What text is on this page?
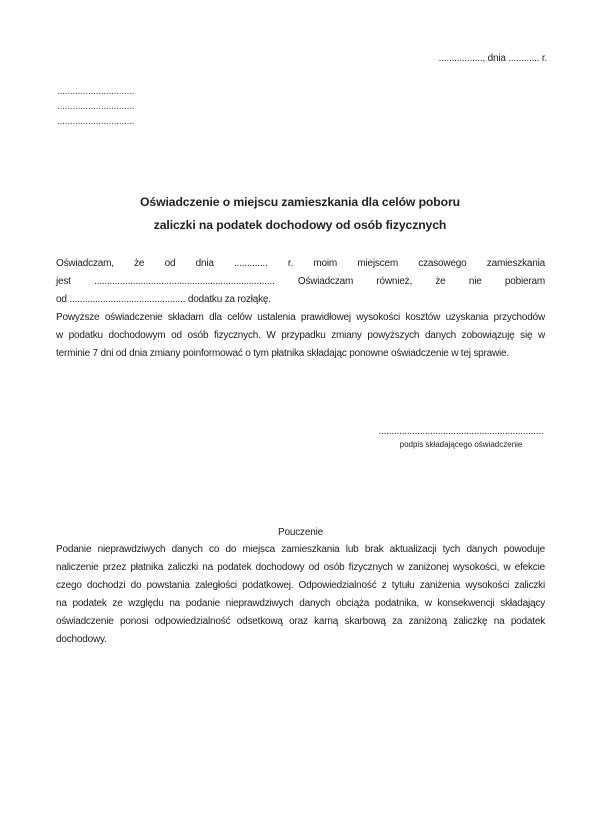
................., dnia ............ r.
..............................
..............................
..............................
Oświadczenie o miejscu zamieszkania dla celów poboru
zaliczki na podatek dochodowy od osób fizycznych
Oświadczam, że od dnia ............. r. moim miejscem czasowego zamieszkania
jest ...................................................................... Oświadczam również, że nie pobieram
od ............................................. dodatku za rozłąkę.
Powyższe oświadczenie składam dla celów ustalenia prawidłowej wysokości kosztów uzyskania przychodów
w podatku dochodowym od osób fizycznych. W przypadku zmiany powyższych danych zobowiązuję się w
terminie 7 dni od dnia zmiany poinformować o tym płatnika składając ponowne oświadczenie w tej sprawie.
................................................................
podpis składającego oświadczenie
Pouczenie
Podanie nieprawdziwych danych co do miejsca zamieszkania lub brak aktualizacji tych danych powoduje
naliczenie przez płatnika zaliczki na podatek dochodowy od osób fizycznych w zaniżonej wysokości, w efekcie
czego dochodzi do powstania zaległości podatkowej. Odpowiedzialność z tytułu zaniżenia wysokości zaliczki
na podatek ze względu na podanie nieprawdziwych danych obciąża podatnika, w konsekwencji składający
oświadczenie ponosi odpowiedzialność odsetkową oraz karną skarbową za zaniżoną zaliczkę na podatek
dochodowy.
